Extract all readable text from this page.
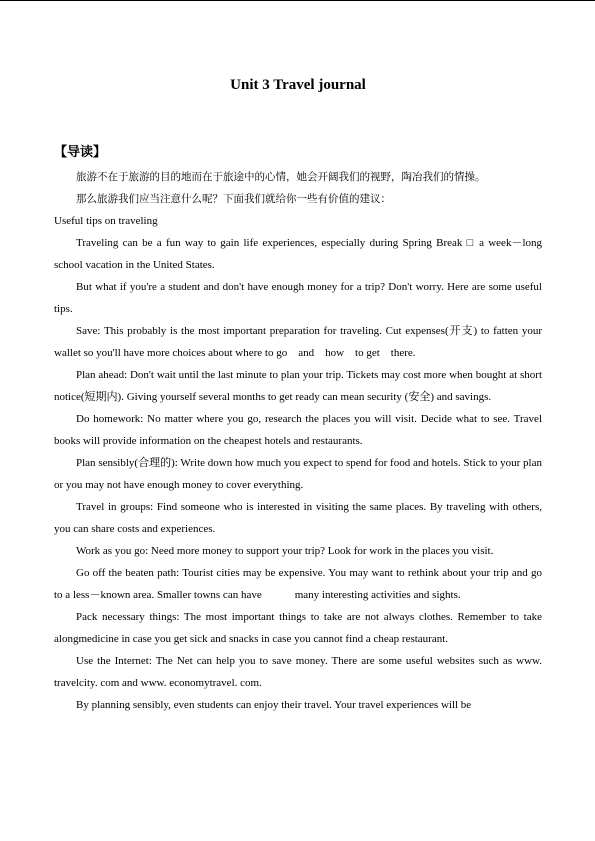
Unit 3 Travel journal
【导读】

旅游不在于旅游的目的地而在于旅途中的心情，她会开阔我们的视野，陶冶我们的情操。

那么旅游我们应当注意什么呢？下面我们就给你一些有价值的建议：

Useful tips on traveling

Traveling can be a fun way to gain life experiences, especially during Spring Break □ a week－long school vacation in the United States.

But what if you're a student and don't have enough money for a trip? Don't worry. Here are some useful tips.

Save: This probably is the most important preparation for traveling. Cut expenses(开支) to fatten your wallet so you'll have more choices about where to go    and    how    to get    there.

Plan ahead: Don't wait until the last minute to plan your trip. Tickets may cost more when bought at short notice(短期内). Giving yourself several months to get ready can mean security (安全) and savings.

Do homework: No matter where you go, research the places you will visit. Decide what to see. Travel books will provide information on the cheapest hotels and restaurants.

Plan sensibly(合理的): Write down how much you expect to spend for food and hotels. Stick to your plan or you may not have enough money to cover everything.

Travel in groups: Find someone who is interested in visiting the same places. By traveling with others, you can share costs and experiences.

Work as you go: Need more money to support your trip? Look for work in the places you visit.

Go off the beaten path: Tourist cities may be expensive. You may want to rethink about your trip and go to a less－known area. Smaller towns can have            many interesting activities and sights.

Pack necessary things: The most important things to take are not always clothes. Remember to take alongmedicine in case you get sick and snacks in case you cannot find a cheap restaurant.

Use the Internet: The Net can help you to save money. There are some useful websites such as www. travelcity. com and www. economytravel. com.

By planning sensibly, even students can enjoy their travel. Your travel experiences will be
